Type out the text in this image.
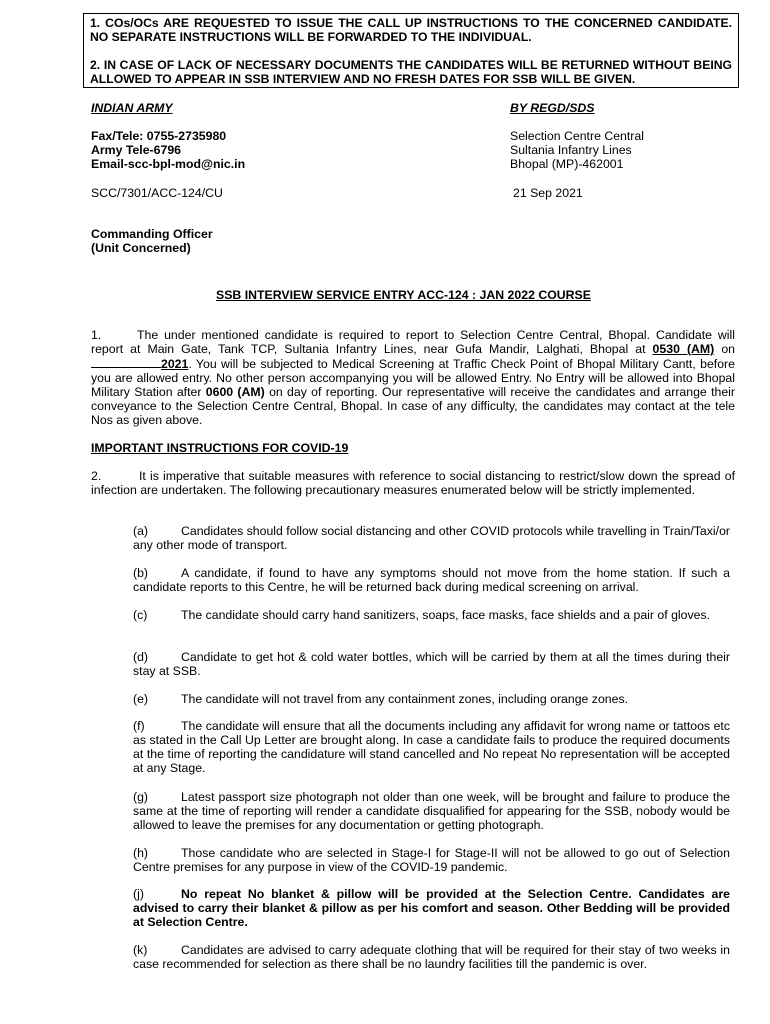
1. COs/OCs ARE REQUESTED TO ISSUE THE CALL UP INSTRUCTIONS TO THE CONCERNED CANDIDATE. NO SEPARATE INSTRUCTIONS WILL BE FORWARDED TO THE INDIVIDUAL.

2. IN CASE OF LACK OF NECESSARY DOCUMENTS THE CANDIDATES WILL BE RETURNED WITHOUT BEING ALLOWED TO APPEAR IN SSB INTERVIEW AND NO FRESH DATES FOR SSB WILL BE GIVEN.

INDIAN ARMY	BY REGD/SDS
Fax/Tele: 0755-2735980
Army Tele-6796
Email-scc-bpl-mod@nic.in
Selection Centre Central
Sultania Infantry Lines
Bhopal (MP)-462001
SCC/7301/ACC-124/CU	21 Sep 2021
Commanding Officer
(Unit Concerned)
SSB INTERVIEW SERVICE ENTRY ACC-124 : JAN 2022 COURSE
1.	The under mentioned candidate is required to report to Selection Centre Central, Bhopal. Candidate will report at Main Gate, Tank TCP, Sultania Infantry Lines, near Gufa Mandir, Lalghati, Bhopal at 0530 (AM) on 2021. You will be subjected to Medical Screening at Traffic Check Point of Bhopal Military Cantt, before you are allowed entry. No other person accompanying you will be allowed Entry. No Entry will be allowed into Bhopal Military Station after 0600 (AM) on day of reporting. Our representative will receive the candidates and arrange their conveyance to the Selection Centre Central, Bhopal. In case of any difficulty, the candidates may contact at the tele Nos as given above.
IMPORTANT INSTRUCTIONS FOR COVID-19
2.	It is imperative that suitable measures with reference to social distancing to restrict/slow down the spread of infection are undertaken. The following precautionary measures enumerated below will be strictly implemented.
(a)	Candidates should follow social distancing and other COVID protocols while travelling in Train/Taxi/or any other mode of transport.
(b)	A candidate, if found to have any symptoms should not move from the home station. If such a candidate reports to this Centre, he will be returned back during medical screening on arrival.
(c)	The candidate should carry hand sanitizers, soaps, face masks, face shields and a pair of gloves.
(d)	Candidate to get hot & cold water bottles, which will be carried by them at all the times during their stay at SSB.
(e)	The candidate will not travel from any containment zones, including orange zones.
(f)	The candidate will ensure that all the documents including any affidavit for wrong name or tattoos etc as stated in the Call Up Letter are brought along. In case a candidate fails to produce the required documents at the time of reporting the candidature will stand cancelled and No repeat No representation will be accepted at any Stage.
(g)	Latest passport size photograph not older than one week, will be brought and failure to produce the same at the time of reporting will render a candidate disqualified for appearing for the SSB, nobody would be allowed to leave the premises for any documentation or getting photograph.
(h)	Those candidate who are selected in Stage-I for Stage-II will not be allowed to go out of Selection Centre premises for any purpose in view of the COVID-19 pandemic.
(j)	No repeat No blanket & pillow will be provided at the Selection Centre. Candidates are advised to carry their blanket & pillow as per his comfort and season. Other Bedding will be provided at Selection Centre.
(k)	Candidates are advised to carry adequate clothing that will be required for their stay of two weeks in case recommended for selection as there shall be no laundry facilities till the pandemic is over.
